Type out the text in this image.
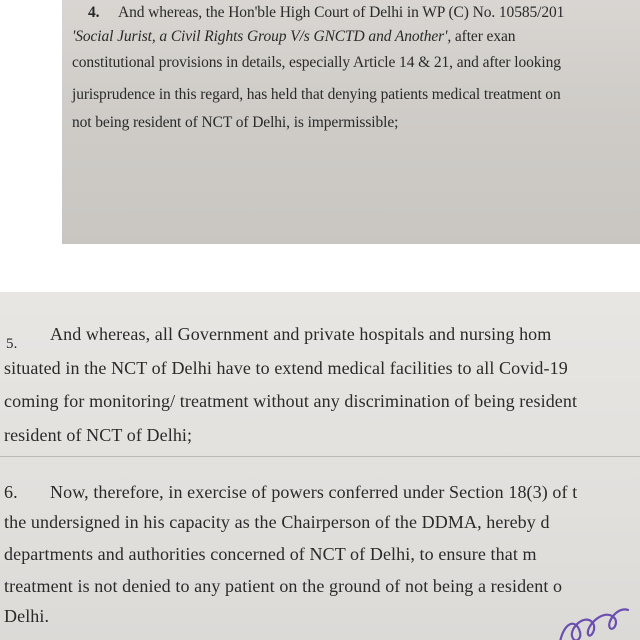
4. And whereas, the Hon'ble High Court of Delhi in WP (C) No. 10585/201
'Social Jurist, a Civil Rights Group V/s GNCTD and Another', after exan
constitutional provisions in details, especially Article 14 & 21, and after looking
jurisprudence in this regard, has held that denying patients medical treatment on
not being resident of NCT of Delhi, is impermissible;
5. And whereas, all Government and private hospitals and nursing hom
situated in the NCT of Delhi have to extend medical facilities to all Covid-19
coming for monitoring/ treatment without any discrimination of being resident
resident of NCT of Delhi;
6. Now, therefore, in exercise of powers conferred under Section 18(3) of t
the undersigned in his capacity as the Chairperson of the DDMA, hereby d
departments and authorities concerned of NCT of Delhi, to ensure that m
treatment is not denied to any patient on the ground of not being a resident o
Delhi.
